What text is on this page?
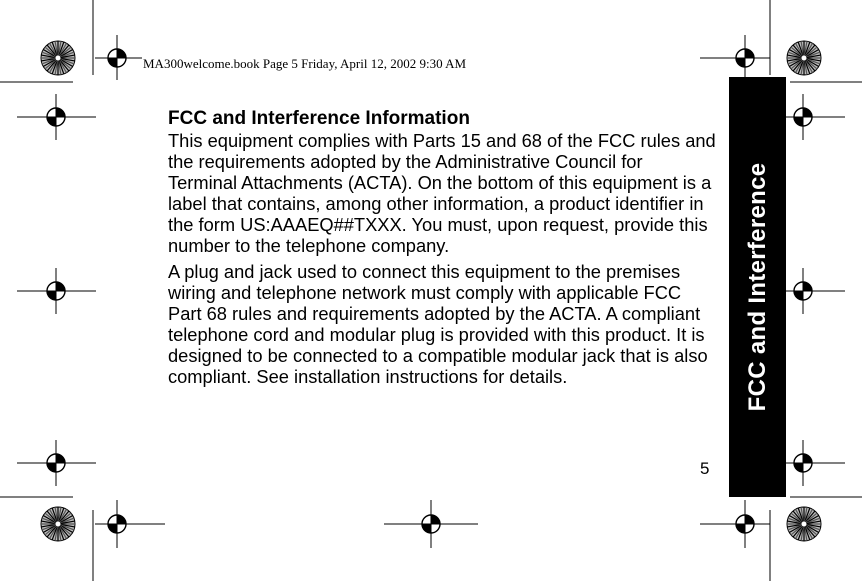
MA300welcome.book Page 5 Friday, April 12, 2002 9:30 AM
FCC and Interference

FCC and Interference Information

This equipment complies with Parts 15 and 68 of the FCC rules and the requirements adopted by the Administrative Council for Terminal Attachments (ACTA). On the bottom of this equipment is a label that contains, among other information, a product identifier in the form US:AAAEQ##TXXX. You must, upon request, provide this number to the telephone company.

A plug and jack used to connect this equipment to the premises wiring and telephone network must comply with applicable FCC Part 68 rules and requirements adopted by the ACTA. A compliant telephone cord and modular plug is provided with this product. It is designed to be connected to a compatible modular jack that is also compliant. See installation instructions for details.

5
